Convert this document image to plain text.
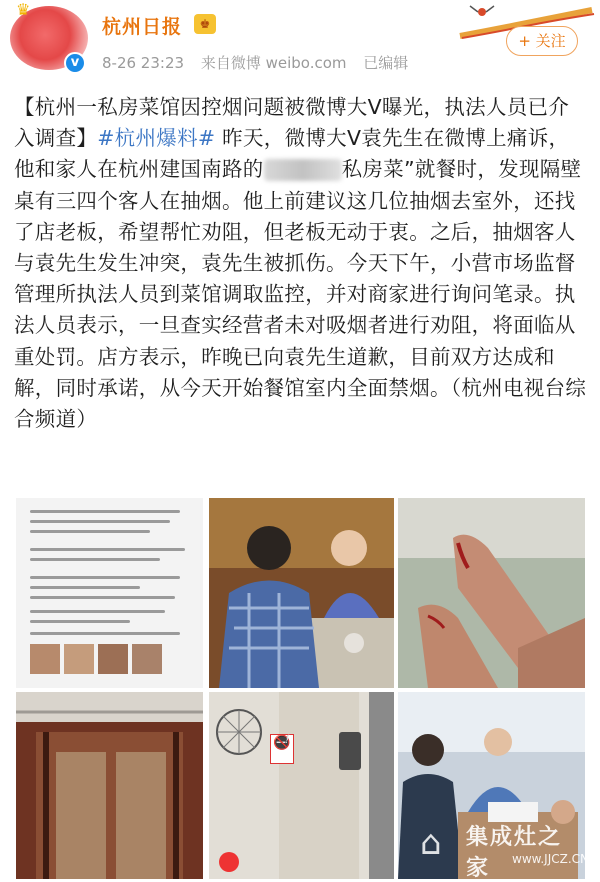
♛
v
杭州日报	♚
8-26 23:23 来自微博 weibo.com 已编辑
+ 关注
【杭州一私房菜馆因控烟问题被微博大V曝光，执法人员已介入调查】#杭州爆料# 昨天，微博大V袁先生在微博上痛诉，他和家人在杭州建国南路的	私房菜”就餐时，发现隔壁桌有三四个客人在抽烟。他上前建议这几位抽烟去室外，还找了店老板，希望帮忙劝阻，但老板无动于衷。之后，抽烟客人与袁先生发生冲突，袁先生被抓伤。今天下午，小营市场监督管理所执法人员到菜馆调取监控，并对商家进行询问笔录。执法人员表示，一旦查实经营者未对吸烟者进行劝阻，将面临从重处罚。店方表示，昨晚已向袁先生道歉，目前双方达成和解，同时承诺，从今天开始餐馆室内全面禁烟。（杭州电视台综合频道）
🚭
⌂ 集成灶之家	www.JJCZ.CN
